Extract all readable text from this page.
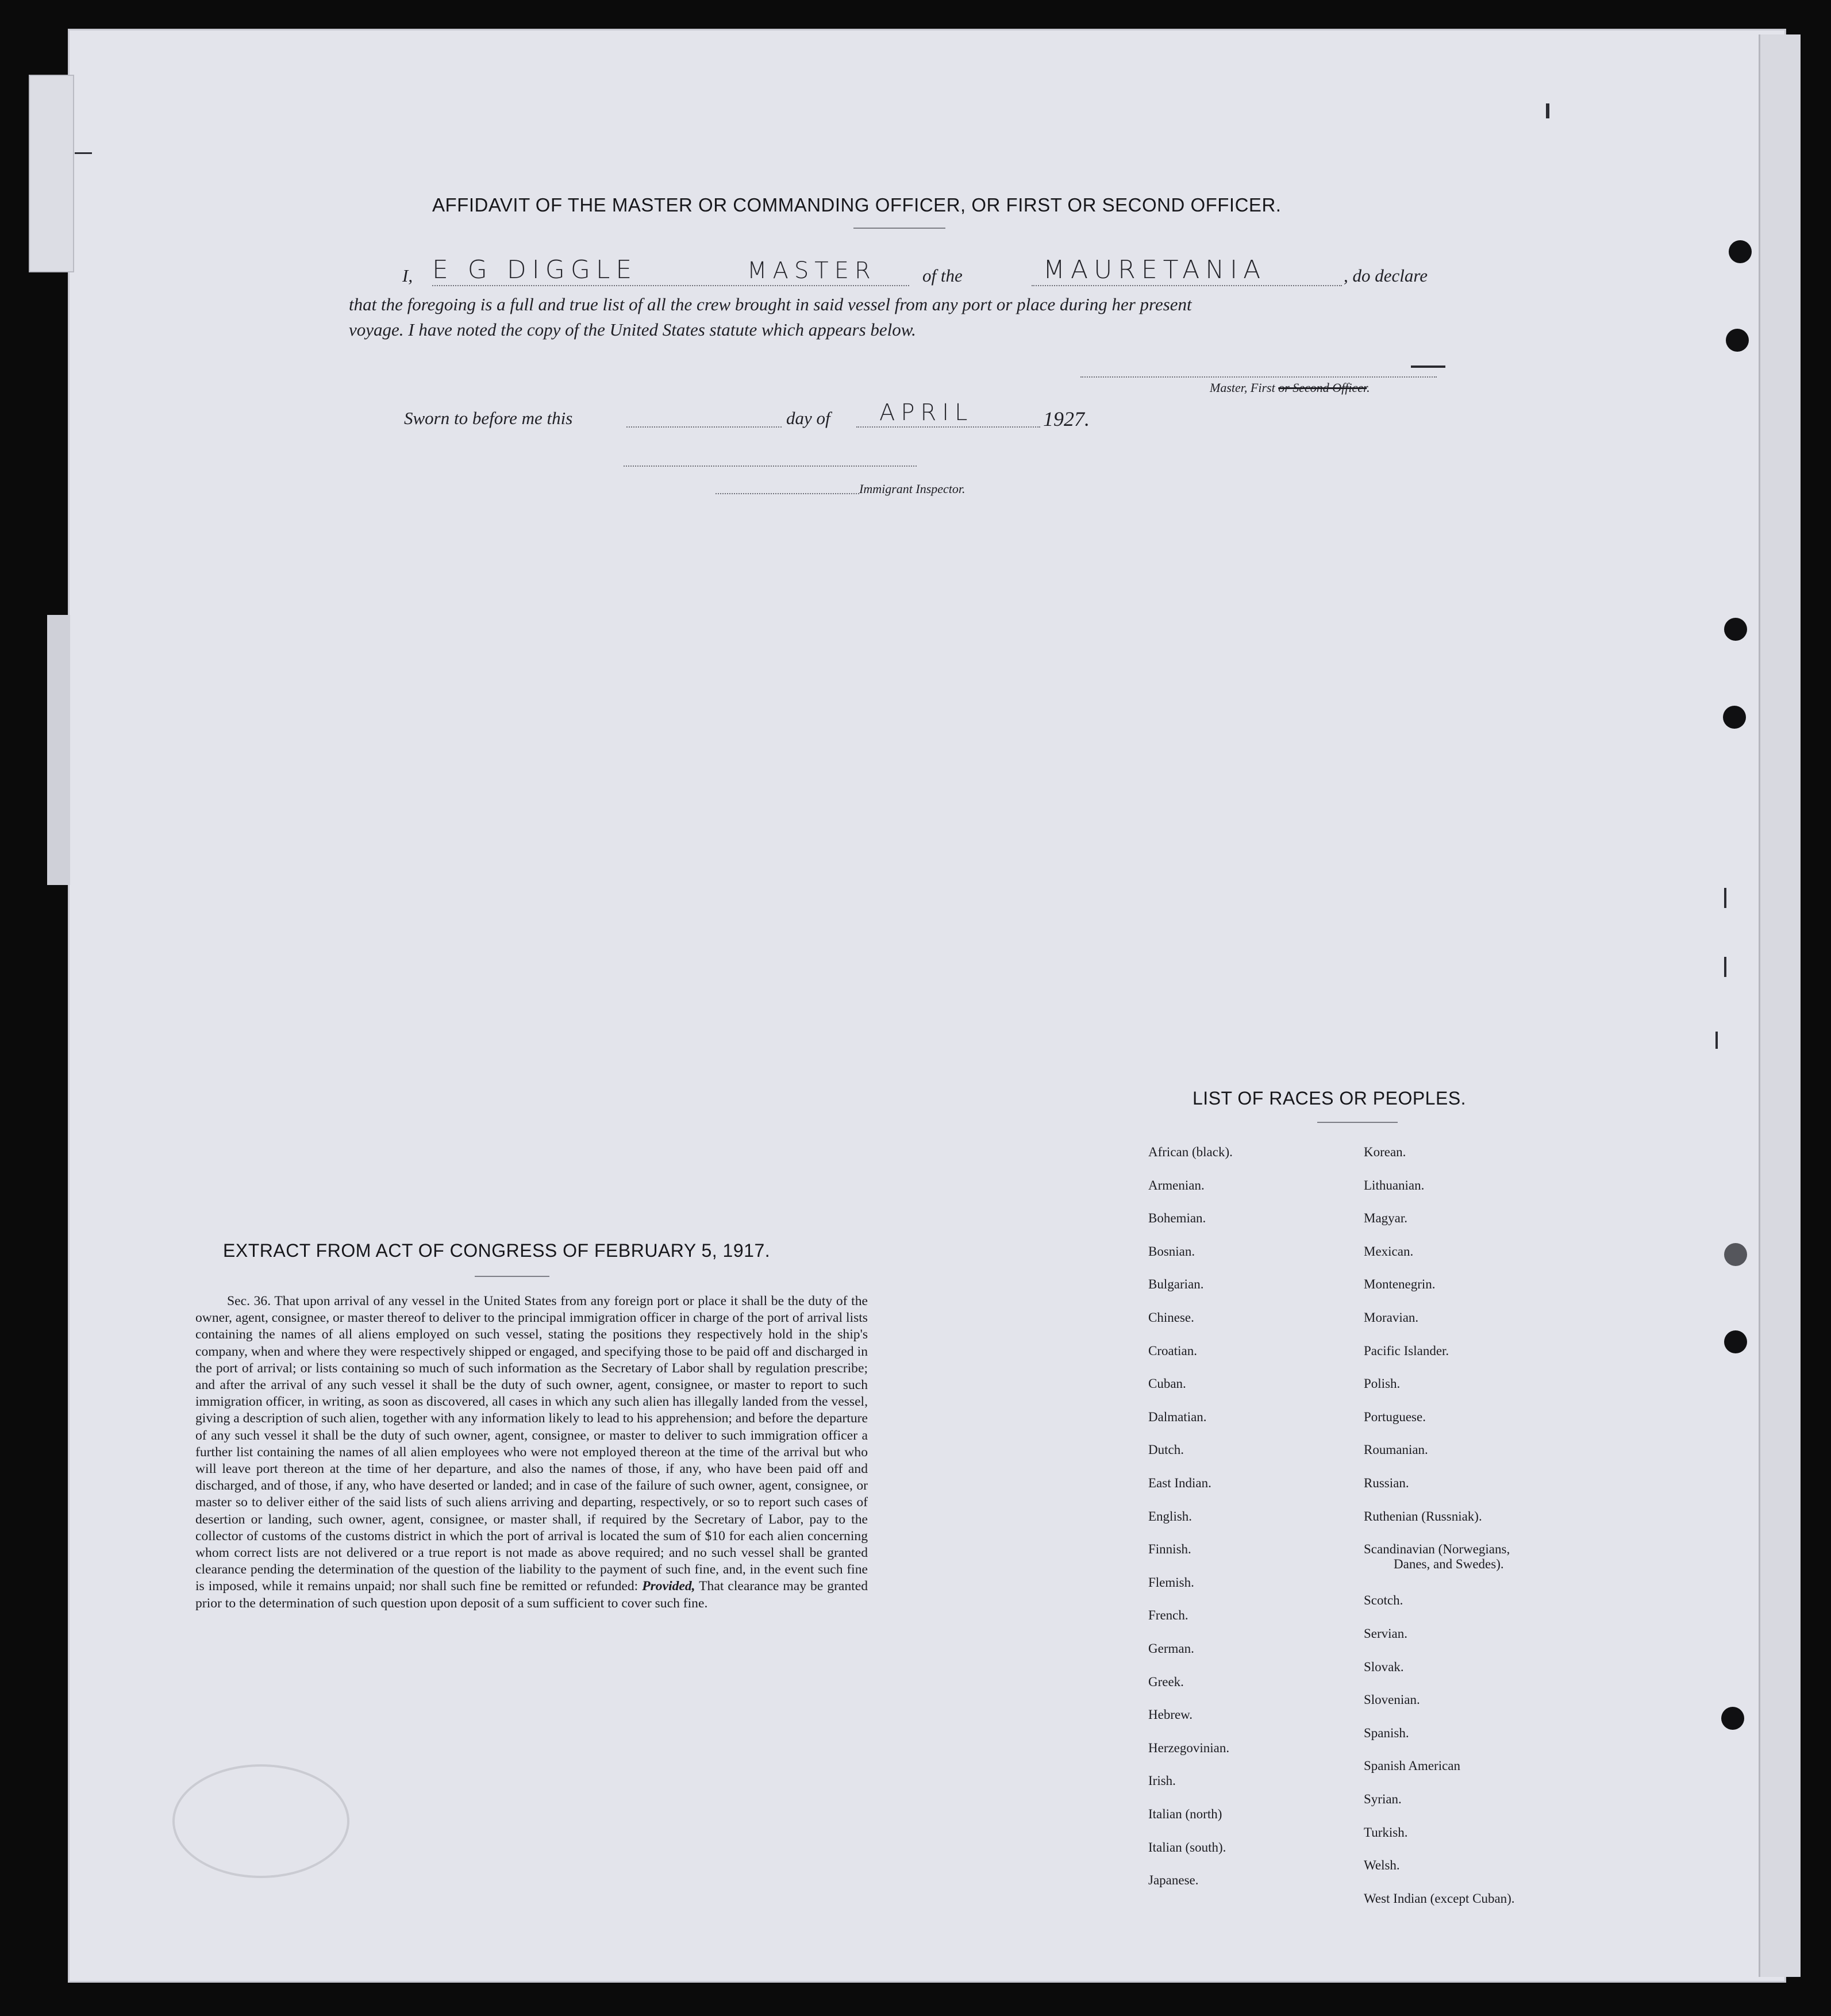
AFFIDAVIT OF THE MASTER OR COMMANDING OFFICER, OR FIRST OR SECOND OFFICER.
I, E G DIGGLE	MASTER	of the	MAURETANIA	, do declare
that the foregoing is a full and true list of all the crew brought in said vessel from any port or place during her present
voyage. I have noted the copy of the United States statute which appears below.
Master, First or Second Officer.
Sworn to before me this	day of APRIL	1927.
Immigrant Inspector.
EXTRACT FROM ACT OF CONGRESS OF FEBRUARY 5, 1917.
Sec. 36. That upon arrival of any vessel in the United States from any foreign port or place it shall be the duty of the owner, agent, consignee, or master thereof to deliver to the principal immigration officer in charge of the port of arrival lists containing the names of all aliens employed on such vessel, stating the positions they respectively hold in the ship's company, when and where they were respectively shipped or engaged, and specifying those to be paid off and discharged in the port of arrival; or lists containing so much of such information as the Secretary of Labor shall by regulation prescribe; and after the arrival of any such vessel it shall be the duty of such owner, agent, consignee, or master to report to such immigration officer, in writing, as soon as discovered, all cases in which any such alien has illegally landed from the vessel, giving a description of such alien, together with any information likely to lead to his apprehension; and before the departure of any such vessel it shall be the duty of such owner, agent, consignee, or master to deliver to such immigration officer a further list containing the names of all alien employees who were not employed thereon at the time of the arrival but who will leave port thereon at the time of her departure, and also the names of those, if any, who have been paid off and discharged, and of those, if any, who have deserted or landed; and in case of the failure of such owner, agent, consignee, or master so to deliver either of the said lists of such aliens arriving and departing, respectively, or so to report such cases of desertion or landing, such owner, agent, consignee, or master shall, if required by the Secretary of Labor, pay to the collector of customs of the customs district in which the port of arrival is located the sum of $10 for each alien concerning whom correct lists are not delivered or a true report is not made as above required; and no such vessel shall be granted clearance pending the determination of the question of the liability to the payment of such fine, and, in the event such fine is imposed, while it remains unpaid; nor shall such fine be remitted or refunded: Provided, That clearance may be granted prior to the determination of such question upon deposit of a sum sufficient to cover such fine.
LIST OF RACES OR PEOPLES.
African (black).
Armenian.
Bohemian.
Bosnian.
Bulgarian.
Chinese.
Croatian.
Cuban.
Dalmatian.
Dutch.
East Indian.
English.
Finnish.
Flemish.
French.
German.
Greek.
Hebrew.
Herzegovinian.
Irish.
Italian (north)
Italian (south).
Japanese.
Korean.
Lithuanian.
Magyar.
Mexican.
Montenegrin.
Moravian.
Pacific Islander.
Polish.
Portuguese.
Roumanian.
Russian.
Ruthenian (Russniak).
Scandinavian (Norwegians,
Danes, and Swedes).
Scotch.
Servian.
Slovak.
Slovenian.
Spanish.
Spanish American
Syrian.
Turkish.
Welsh.
West Indian (except Cuban).
